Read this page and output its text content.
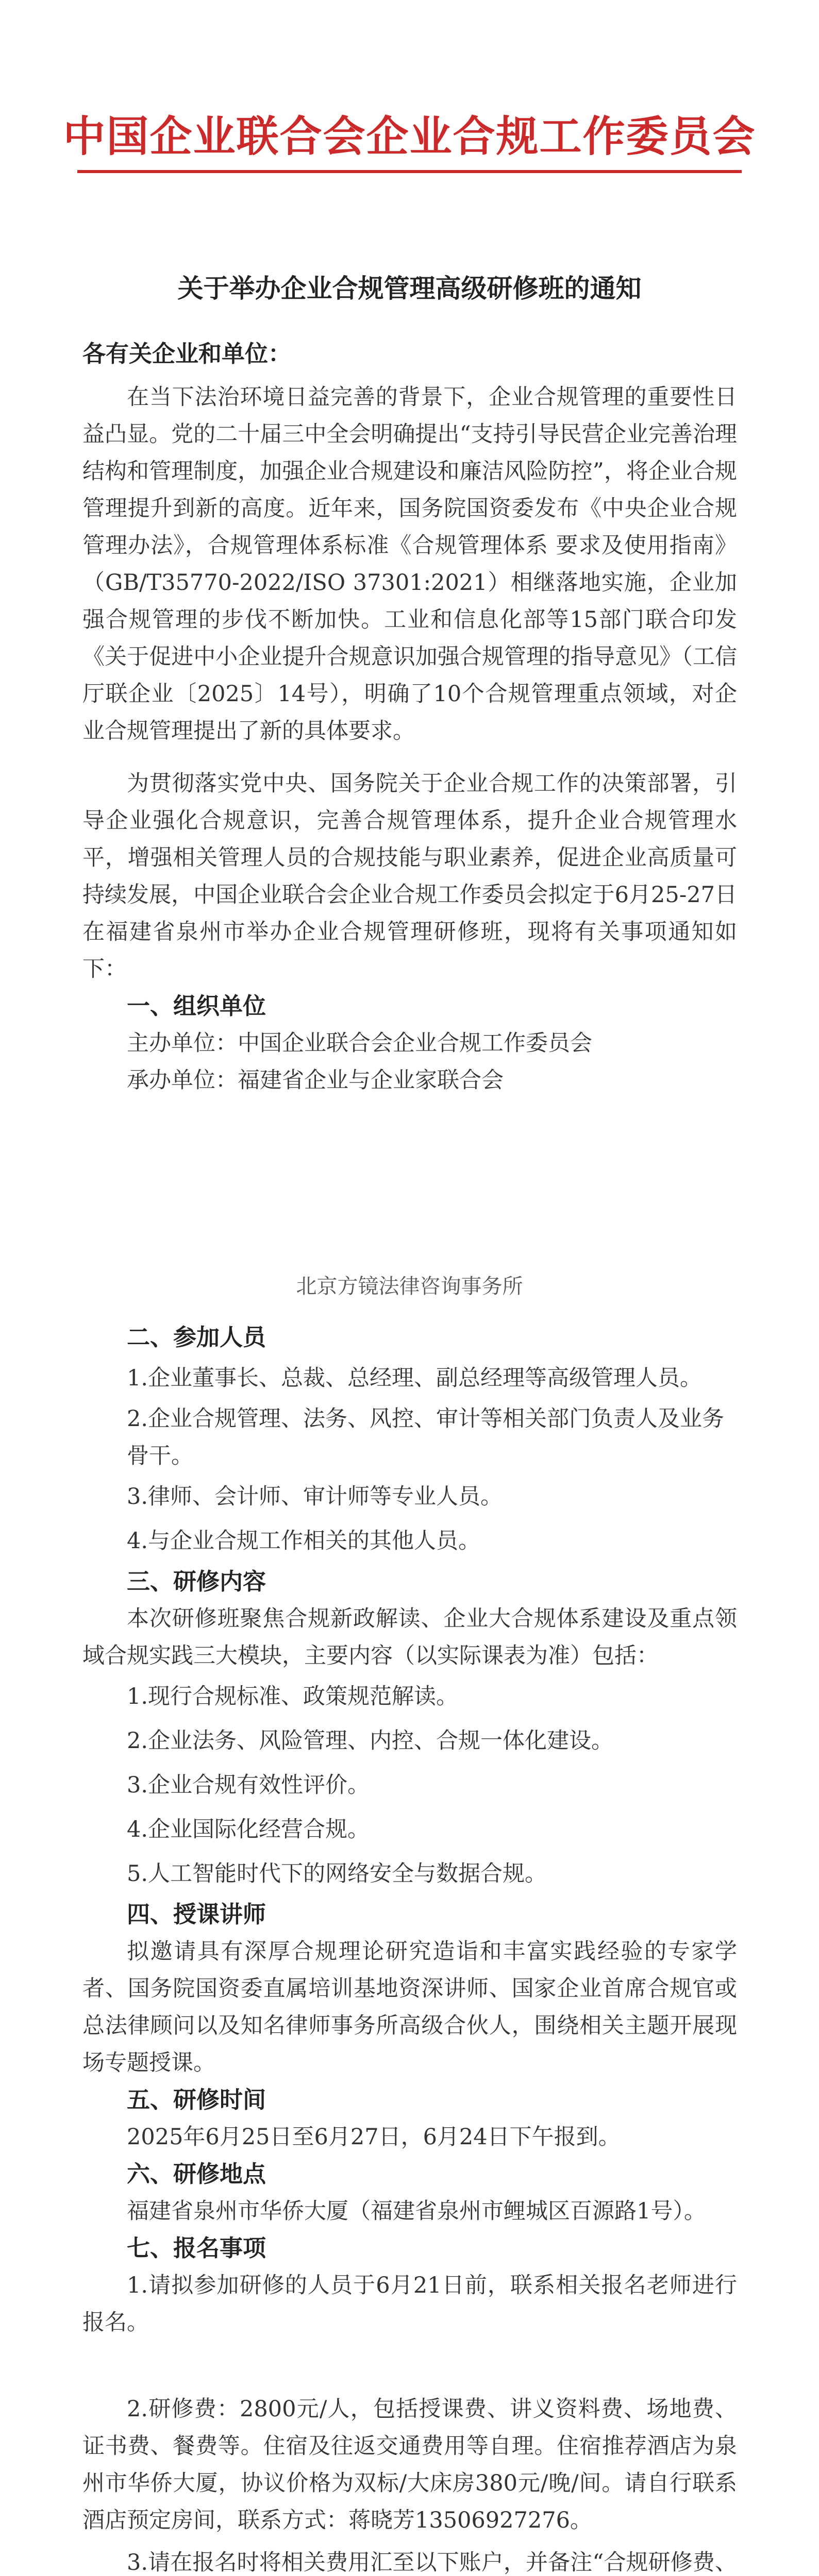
中国企业联合会企业合规工作委员会
关于举办企业合规管理高级研修班的通知

各有关企业和单位：

在当下法治环境日益完善的背景下，企业合规管理的重要性日益凸显。党的二十届三中全会明确提出“支持引导民营企业完善治理结构和管理制度，加强企业合规建设和廉洁风险防控”，将企业合规管理提升到新的高度。近年来，国务院国资委发布《中央企业合规管理办法》，合规管理体系标准《合规管理体系 要求及使用指南》（GB/T35770-2022/ISO 37301:2021）相继落地实施，企业加强合规管理的步伐不断加快。工业和信息化部等15部门联合印发《关于促进中小企业提升合规意识加强合规管理的指导意见》（工信厅联企业〔2025〕14号），明确了10个合规管理重点领域，对企业合规管理提出了新的具体要求。

为贯彻落实党中央、国务院关于企业合规工作的决策部署，引导企业强化合规意识，完善合规管理体系，提升企业合规管理水平，增强相关管理人员的合规技能与职业素养，促进企业高质量可持续发展，中国企业联合会企业合规工作委员会拟定于6月25-27日在福建省泉州市举办企业合规管理研修班，现将有关事项通知如下：

一、组织单位

主办单位：中国企业联合会企业合规工作委员会

承办单位：福建省企业与企业家联合会

北京方镜法律咨询事务所

二、参加人员

1.企业董事长、总裁、总经理、副总经理等高级管理人员。

2.企业合规管理、法务、风控、审计等相关部门负责人及业务骨干。

3.律师、会计师、审计师等专业人员。

4.与企业合规工作相关的其他人员。

三、研修内容

本次研修班聚焦合规新政解读、企业大合规体系建设及重点领域合规实践三大模块，主要内容（以实际课表为准）包括：

1.现行合规标准、政策规范解读。

2.企业法务、风险管理、内控、合规一体化建设。

3.企业合规有效性评价。

4.企业国际化经营合规。

5.人工智能时代下的网络安全与数据合规。

四、授课讲师

拟邀请具有深厚合规理论研究造诣和丰富实践经验的专家学者、国务院国资委直属培训基地资深讲师、国家企业首席合规官或总法律顾问以及知名律师事务所高级合伙人，围绕相关主题开展现场专题授课。

五、研修时间

2025年6月25日至6月27日，6月24日下午报到。

六、研修地点

福建省泉州市华侨大厦（福建省泉州市鲤城区百源路1号）。

七、报名事项

1.请拟参加研修的人员于6月21日前，联系相关报名老师进行报名。

2.研修费：2800元/人，包括授课费、讲义资料费、场地费、证书费、餐费等。住宿及往返交通费用等自理。住宿推荐酒店为泉州市华侨大厦，协议价格为双标/大床房380元/晚/间。请自行联系酒店预定房间，联系方式：蒋晓芳13506927276。

3.请在报名时将相关费用汇至以下账户，并备注“合规研修费、
